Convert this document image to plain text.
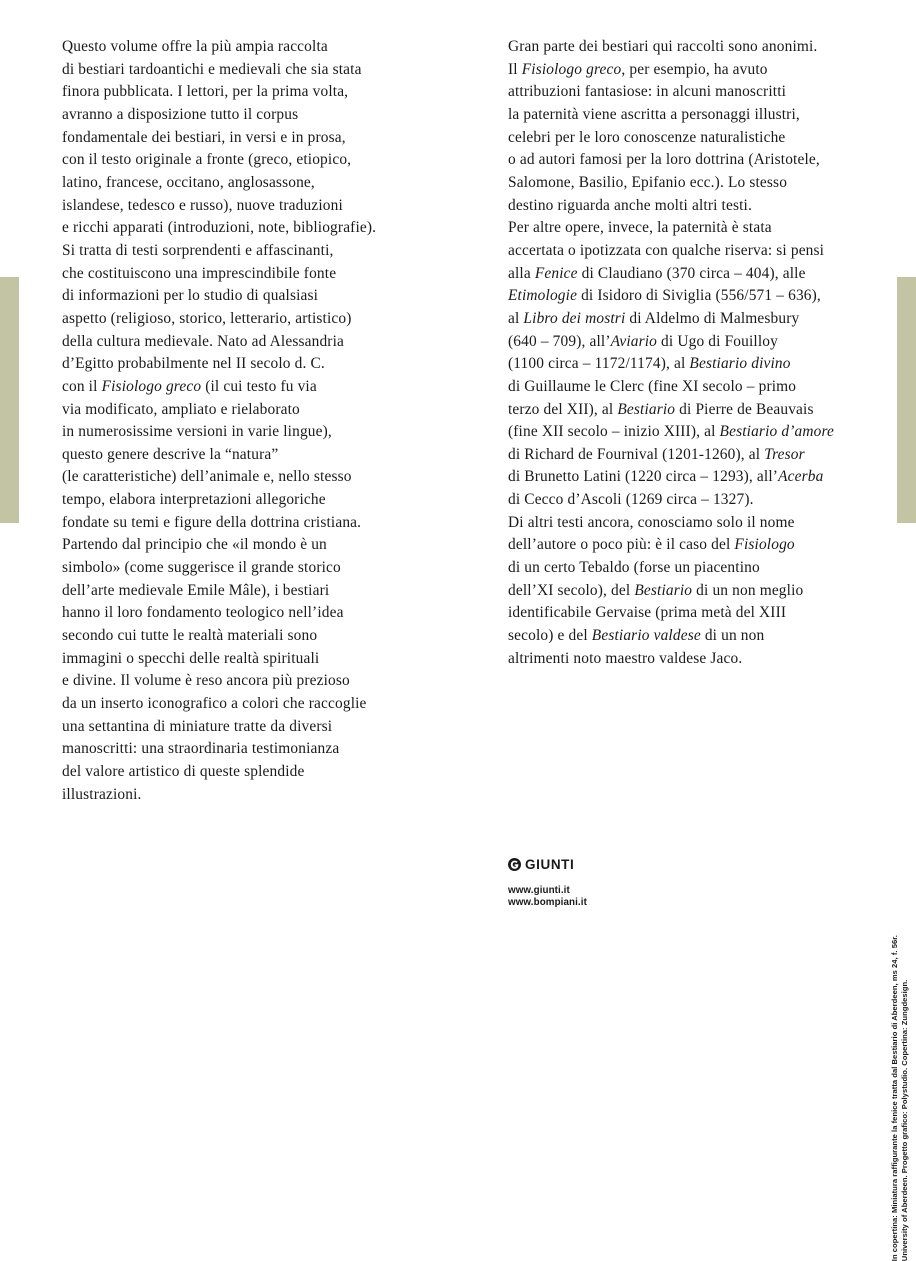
Questo volume offre la più ampia raccolta
di bestiari tardoantichi e medievali che sia stata
finora pubblicata. I lettori, per la prima volta,
avranno a disposizione tutto il corpus
fondamentale dei bestiari, in versi e in prosa,
con il testo originale a fronte (greco, etiopico,
latino, francese, occitano, anglosassone,
islandese, tedesco e russo), nuove traduzioni
e ricchi apparati (introduzioni, note, bibliografie).
Si tratta di testi sorprendenti e affascinanti,
che costituiscono una imprescindibile fonte
di informazioni per lo studio di qualsiasi
aspetto (religioso, storico, letterario, artistico)
della cultura medievale. Nato ad Alessandria
d’Egitto probabilmente nel II secolo d. C.
con il Fisiologo greco (il cui testo fu via
via modificato, ampliato e rielaborato
in numerosissime versioni in varie lingue),
questo genere descrive la “natura”
(le caratteristiche) dell’animale e, nello stesso
tempo, elabora interpretazioni allegoriche
fondate su temi e figure della dottrina cristiana.
Partendo dal principio che «il mondo è un
simbolo» (come suggerisce il grande storico
dell’arte medievale Emile Mâle), i bestiari
hanno il loro fondamento teologico nell’idea
secondo cui tutte le realtà materiali sono
immagini o specchi delle realtà spirituali
e divine. Il volume è reso ancora più prezioso
da un inserto iconografico a colori che raccoglie
una settantina di miniature tratte da diversi
manoscritti: una straordinaria testimonianza
del valore artistico di queste splendide
illustrazioni.

Gran parte dei bestiari qui raccolti sono anonimi.
Il Fisiologo greco, per esempio, ha avuto
attribuzioni fantasiose: in alcuni manoscritti
la paternità viene ascritta a personaggi illustri,
celebri per le loro conoscenze naturalistiche
o ad autori famosi per la loro dottrina (Aristotele,
Salomone, Basilio, Epifanio ecc.). Lo stesso
destino riguarda anche molti altri testi.
Per altre opere, invece, la paternità è stata
accertata o ipotizzata con qualche riserva: si pensi
alla Fenice di Claudiano (370 circa – 404), alle
Etimologie di Isidoro di Siviglia (556/571 – 636),
al Libro dei mostri di Aldelmo di Malmesbury
(640 – 709), all’Aviario di Ugo di Fouilloy
(1100 circa – 1172/1174), al Bestiario divino
di Guillaume le Clerc (fine XI secolo – primo
terzo del XII), al Bestiario di Pierre de Beauvais
(fine XII secolo – inizio XIII), al Bestiario d’amore
di Richard de Fournival (1201-1260), al Tresor
di Brunetto Latini (1220 circa – 1293), all’Acerba
di Cecco d’Ascoli (1269 circa – 1327).
Di altri testi ancora, conosciamo solo il nome
dell’autore o poco più: è il caso del Fisiologo
di un certo Tebaldo (forse un piacentino
dell’XI secolo), del Bestiario di un non meglio
identificabile Gervaise (prima metà del XIII
secolo) e del Bestiario valdese di un non
altrimenti noto maestro valdese Jaco.

GIUNTI
www.giunti.it
www.bompiani.it
In copertina: Miniatura raffigurante la fenice tratta dal Bestiario di Aberdeen, ms 24, f. 56r. University of Aberdeen. Progetto grafico: Polystudio. Copertina: Zungdesign.
